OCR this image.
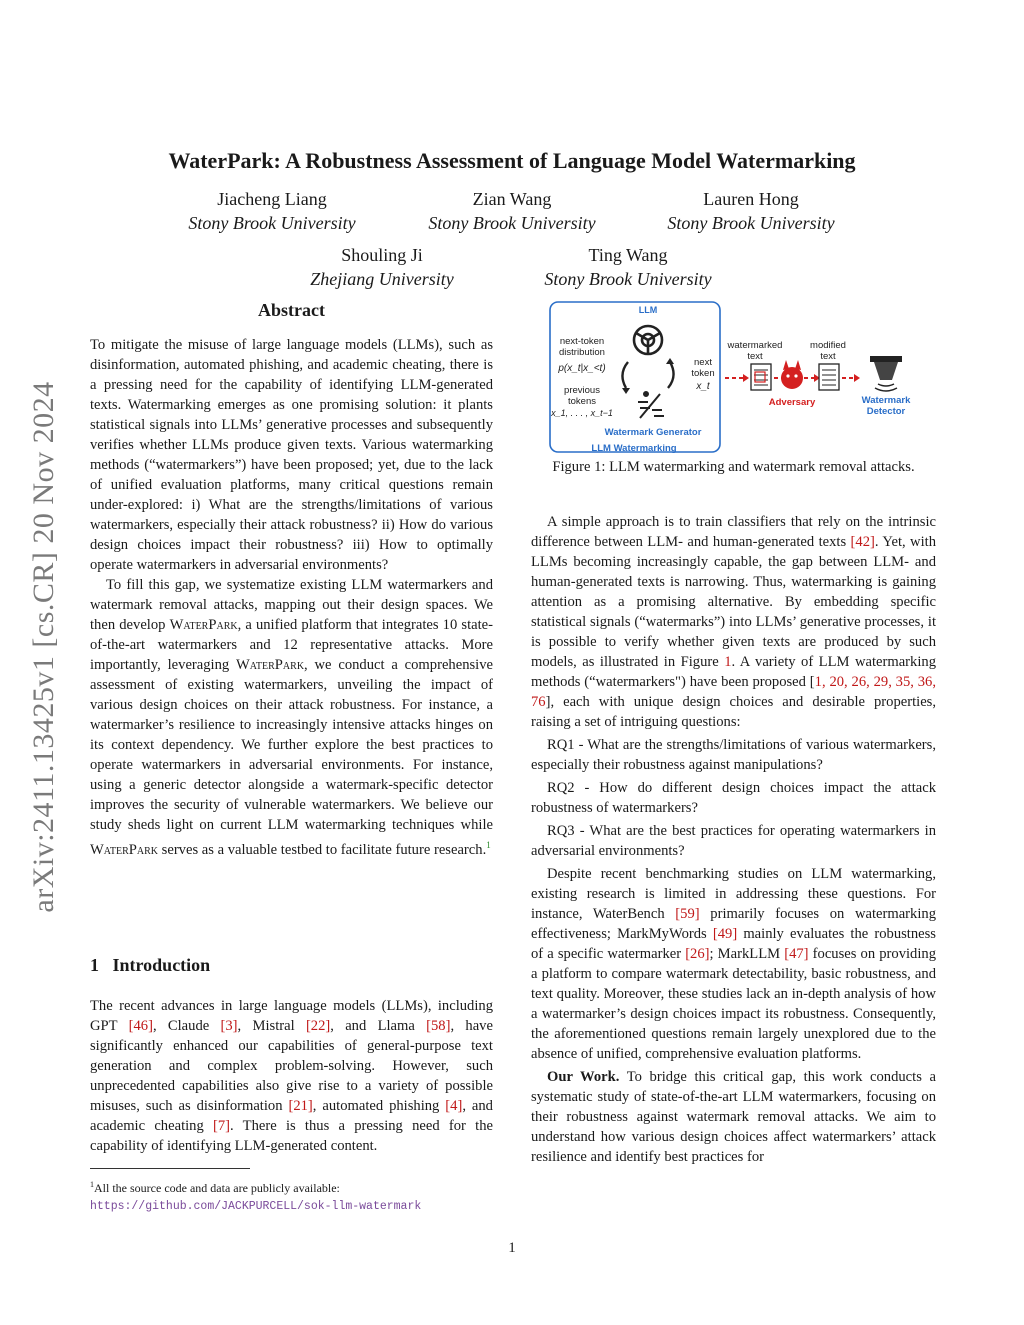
arXiv:2411.13425v1 [cs.CR] 20 Nov 2024
WaterPark: A Robustness Assessment of Language Model Watermarking
Jiacheng Liang
Stony Brook University
Zian Wang
Stony Brook University
Lauren Hong
Stony Brook University
Shouling Ji
Zhejiang University
Ting Wang
Stony Brook University
Abstract

To mitigate the misuse of large language models (LLMs), such as disinformation, automated phishing, and academic cheating, there is a pressing need for the capability of identifying LLM-generated texts. Watermarking emerges as one promising solution: it plants statistical signals into LLMs’ generative processes and subsequently verifies whether LLMs produce given texts. Various watermarking methods (“watermarkers”) have been proposed; yet, due to the lack of unified evaluation platforms, many critical questions remain under-explored: i) What are the strengths/limitations of various watermarkers, especially their attack robustness? ii) How do various design choices impact their robustness? iii) How to optimally operate watermarkers in adversarial environments?

To fill this gap, we systematize existing LLM watermarkers and watermark removal attacks, mapping out their design spaces. We then develop WaterPark, a unified platform that integrates 10 state-of-the-art watermarkers and 12 representative attacks. More importantly, leveraging WaterPark, we conduct a comprehensive assessment of existing watermarkers, unveiling the impact of various design choices on their attack robustness. For instance, a watermarker’s resilience to increasingly intensive attacks hinges on its context dependency. We further explore the best practices to operate watermarkers in adversarial environments. For instance, using a generic detector alongside a watermark-specific detector improves the security of vulnerable watermarkers. We believe our study sheds light on current LLM watermarking techniques while WaterPark serves as a valuable testbed to facilitate future research.$^1$

1 Introduction

The recent advances in large language models (LLMs), including GPT [46], Claude [3], Mistral [22], and Llama [58], have significantly enhanced our capabilities of general-purpose text generation and complex problem-solving. However, such unprecedented capabilities also give rise to a variety of possible misuses, such as disinformation [21], automated phishing [4], and academic cheating [7]. There is thus a pressing need for the capability of identifying LLM-generated content.

$^1$All the source code and data are publicly available: https://github.com/JACKPURCELL/sok-llm-watermark
LLM
next-token
distribution
p(x_t|x_<t)
previous
tokens
x_1, . . . , x_t−1
next
token
x_t
Watermark Generator
LLM Watermarking
watermarked
text
modified
text
Adversary	Watermark
Detector
Figure 1: LLM watermarking and watermark removal attacks.

A simple approach is to train classifiers that rely on the intrinsic difference between LLM- and human-generated texts [42]. Yet, with LLMs becoming increasingly capable, the gap between LLM- and human-generated texts is narrowing. Thus, watermarking is gaining attention as a promising alternative. By embedding specific statistical signals (“watermarks”) into LLMs’ generative processes, it is possible to verify whether given texts are produced by such models, as illustrated in Figure 1. A variety of LLM watermarking methods (“watermarkers") have been proposed [1, 20, 26, 29, 35, 36, 76], each with unique design choices and desirable properties, raising a set of intriguing questions:

RQ1 - What are the strengths/limitations of various watermarkers, especially their robustness against manipulations?

RQ2 - How do different design choices impact the attack robustness of watermarkers?

RQ3 - What are the best practices for operating watermarkers in adversarial environments?

Despite recent benchmarking studies on LLM watermarking, existing research is limited in addressing these questions. For instance, WaterBench [59] primarily focuses on watermarking effectiveness; MarkMyWords [49] mainly evaluates the robustness of a specific watermarker [26]; MarkLLM [47] focuses on providing a platform to compare watermark detectability, basic robustness, and text quality. Moreover, these studies lack an in-depth analysis of how a watermarker’s design choices impact its robustness. Consequently, the aforementioned questions remain largely unexplored due to the absence of unified, comprehensive evaluation platforms.

Our Work. To bridge this critical gap, this work conducts a systematic study of state-of-the-art LLM watermarkers, focusing on their robustness against watermark removal attacks. We aim to understand how various design choices affect watermarkers’ attack resilience and identify best practices for

1
